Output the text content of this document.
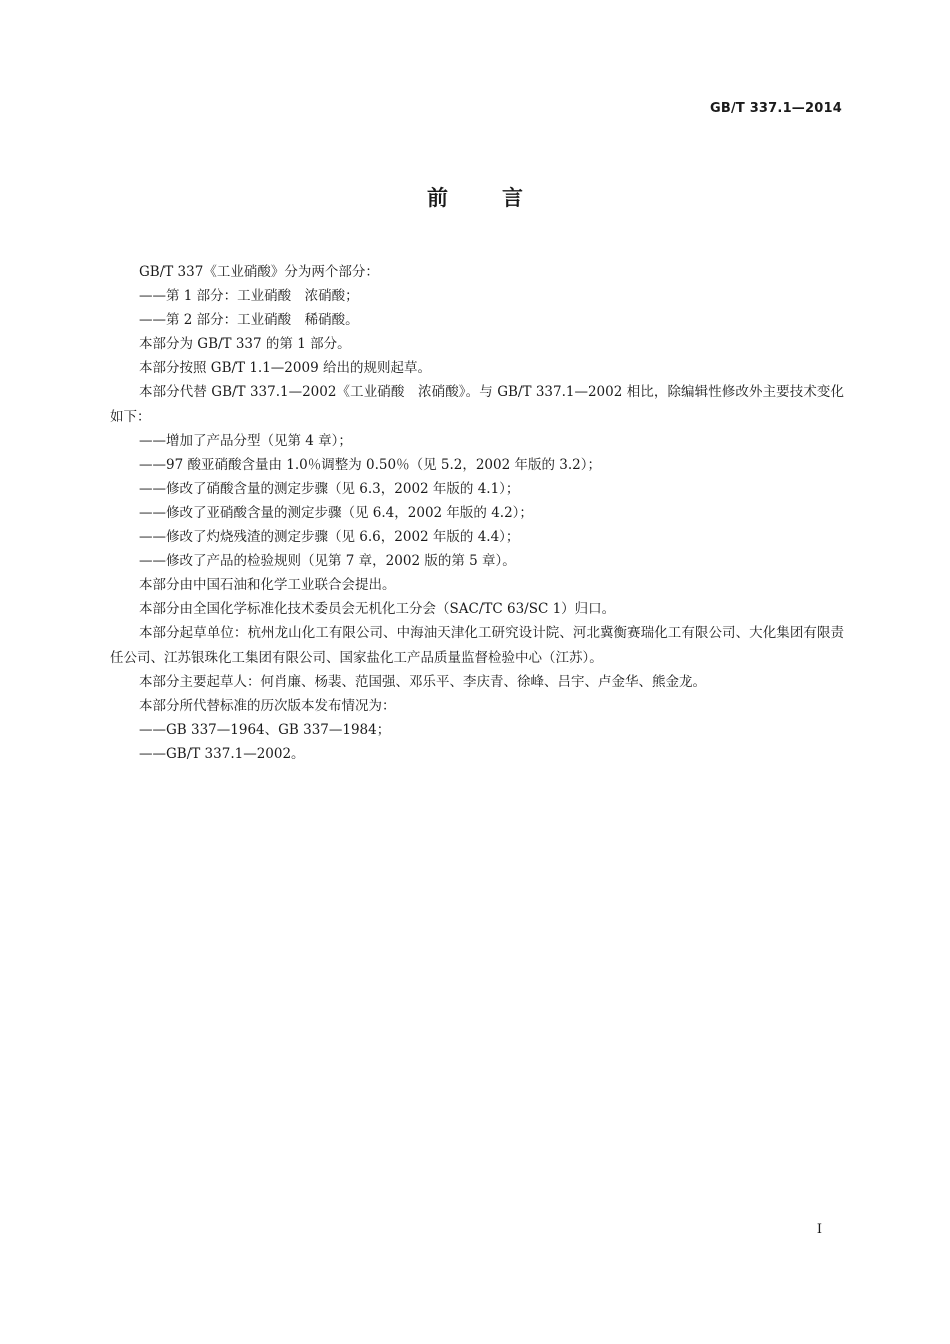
GB/T 337.1—2014
前	言

GB/T 337《工业硝酸》分为两个部分：

——第 1 部分：工业硝酸　浓硝酸；

——第 2 部分：工业硝酸　稀硝酸。

本部分为 GB/T 337 的第 1 部分。

本部分按照 GB/T 1.1—2009 给出的规则起草。

本部分代替 GB/T 337.1—2002《工业硝酸　浓硝酸》。与 GB/T 337.1—2002 相比，除编辑性修改外主要技术变化如下：

——增加了产品分型（见第 4 章）；

——97 酸亚硝酸含量由 1.0％调整为 0.50％（见 5.2，2002 年版的 3.2）；

——修改了硝酸含量的测定步骤（见 6.3，2002 年版的 4.1）；

——修改了亚硝酸含量的测定步骤（见 6.4，2002 年版的 4.2）；

——修改了灼烧残渣的测定步骤（见 6.6，2002 年版的 4.4）；

——修改了产品的检验规则（见第 7 章，2002 版的第 5 章）。

本部分由中国石油和化学工业联合会提出。

本部分由全国化学标准化技术委员会无机化工分会（SAC/TC 63/SC 1）归口。

本部分起草单位：杭州龙山化工有限公司、中海油天津化工研究设计院、河北冀衡赛瑞化工有限公司、大化集团有限责任公司、江苏银珠化工集团有限公司、国家盐化工产品质量监督检验中心（江苏）。

本部分主要起草人：何肖廉、杨裴、范国强、邓乐平、李庆青、徐峰、吕宇、卢金华、熊金龙。

本部分所代替标准的历次版本发布情况为：

——GB 337—1964、GB 337—1984；

——GB/T 337.1—2002。

I
